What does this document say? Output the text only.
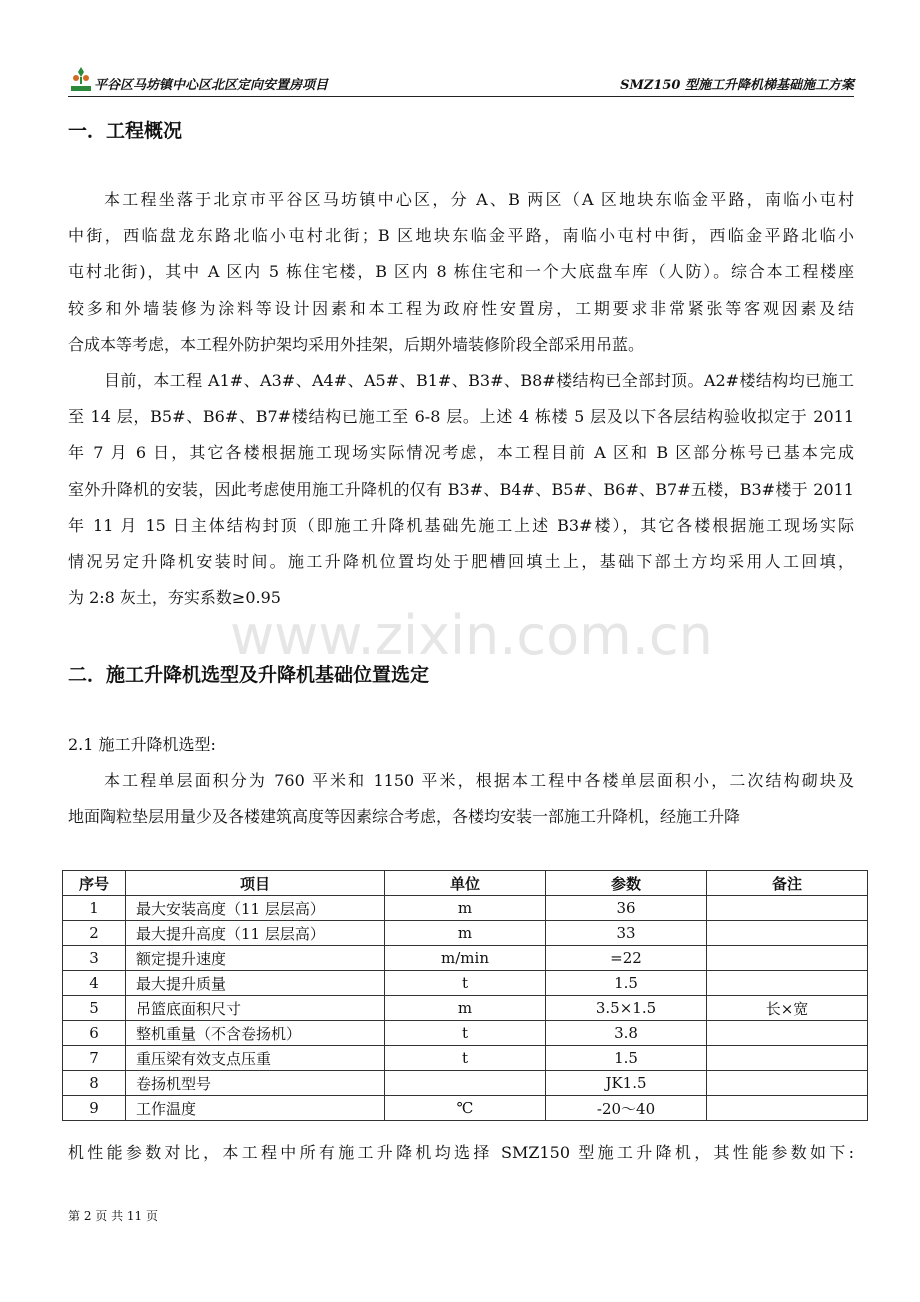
平谷区马坊镇中心区北区定向安置房项目	SMZ150 型施工升降机梯基础施工方案
一．工程概况
本工程坐落于北京市平谷区马坊镇中心区，分 A、B 两区（A 区地块东临金平路，南临小屯村
中街，西临盘龙东路北临小屯村北街；B 区地块东临金平路，南临小屯村中街，西临金平路北临小
屯村北街)，其中 A 区内 5 栋住宅楼，B 区内 8 栋住宅和一个大底盘车库（人防）。综合本工程楼座
较多和外墙装修为涂料等设计因素和本工程为政府性安置房，工期要求非常紧张等客观因素及结
合成本等考虑，本工程外防护架均采用外挂架，后期外墙装修阶段全部采用吊蓝。
目前，本工程 A1#、A3#、A4#、A5#、B1#、B3#、B8#楼结构已全部封顶。A2#楼结构均已施工
至 14 层，B5#、B6#、B7#楼结构已施工至 6-8 层。上述 4 栋楼 5 层及以下各层结构验收拟定于 2011
年 7 月 6 日，其它各楼根据施工现场实际情况考虑，本工程目前 A 区和 B 区部分栋号已基本完成
室外升降机的安装，因此考虑使用施工升降机的仅有 B3#、B4#、B5#、B6#、B7#五楼，B3#楼于 2011
年 11 月 15 日主体结构封顶（即施工升降机基础先施工上述 B3#楼），其它各楼根据施工现场实际
情况另定升降机安装时间。施工升降机位置均处于肥槽回填土上，基础下部土方均采用人工回填，
为 2:8 灰土，夯实系数≥0.95
www.zixin.com.cn
二．施工升降机选型及升降机基础位置选定
2.1 施工升降机选型:
本工程单层面积分为 760 平米和 1150 平米，根据本工程中各楼单层面积小，二次结构砌块及
地面陶粒垫层用量少及各楼建筑高度等因素综合考虑，各楼均安装一部施工升降机，经施工升降
序号	项目	单位	参数	备注
1	最大安装高度（11 层层高）	m	36	
2	最大提升高度（11 层层高）	m	33	
3	额定提升速度	m/min	=22	
4	最大提升质量	t	1.5	
5	吊篮底面积尺寸	m	3.5×1.5	长×宽
6	整机重量（不含卷扬机）	t	3.8	
7	重压梁有效支点压重	t	1.5	
8	卷扬机型号		JK1.5	
9	工作温度	℃	-20～40	
机性能参数对比，本工程中所有施工升降机均选择 SMZ150 型施工升降机，其性能参数如下:
第 2 页 共 11 页
